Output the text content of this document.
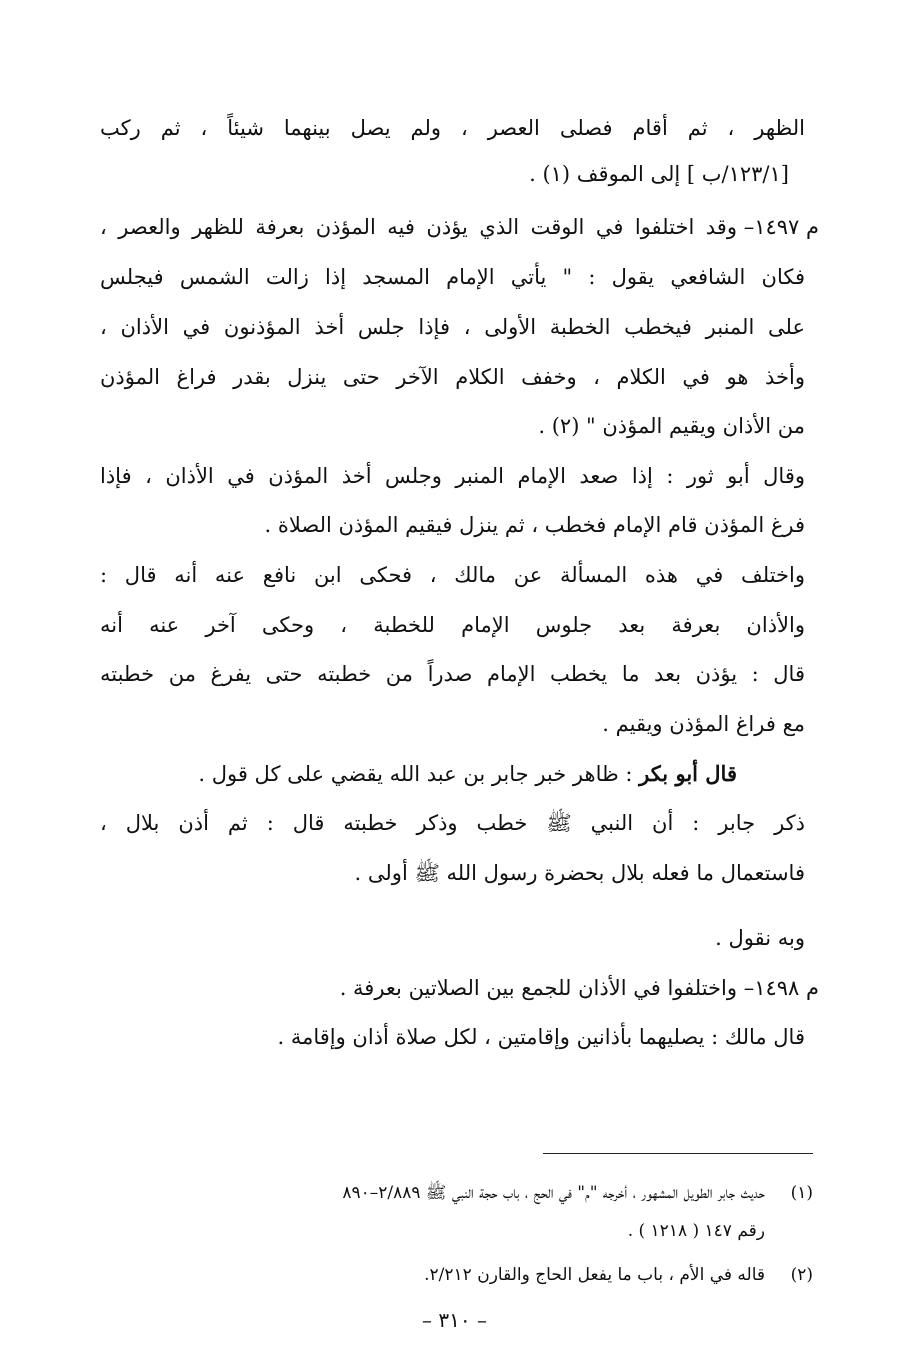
الظهر ، ثم أقام فصلى العصر ، ولم يصل بينهما شيئاً ، ثم ركب
[١٢٣/١/ب ] إلى الموقف (١) .
م ١٤٩٧–
وقد اختلفوا في الوقت الذي يؤذن فيه المؤذن بعرفة للظهر والعصر ،
فكان الشافعي يقول : " يأتي الإمام المسجد إذا زالت الشمس فيجلس
على المنبر فيخطب الخطبة الأولى ، فإذا جلس أخذ المؤذنون في الأذان ،
وأخذ هو في الكلام ، وخفف الكلام الآخر حتى ينزل بقدر فراغ المؤذن
من الأذان ويقيم المؤذن " (٢) .
وقال أبو ثور : إذا صعد الإمام المنبر وجلس أخذ المؤذن في الأذان ، فإذا
فرغ المؤذن قام الإمام فخطب ، ثم ينزل فيقيم المؤذن الصلاة .
واختلف في هذه المسألة عن مالك ، فحكى ابن نافع عنه أنه قال :
والأذان بعرفة بعد جلوس الإمام للخطبة ، وحكى آخر عنه أنه
قال : يؤذن بعد ما يخطب الإمام صدراً من خطبته حتى يفرغ من خطبته
مع فراغ المؤذن ويقيم .
قال أبو بكر : ظاهر خبر جابر بن عبد الله يقضي على كل قول .
ذكر جابر : أن النبي ﷺ خطب وذكر خطبته قال : ثم أذن بلال ،
فاستعمال ما فعله بلال بحضرة رسول الله ﷺ أولى .
وبه نقول .
م ١٤٩٨–
واختلفوا في الأذان للجمع بين الصلاتين بعرفة .
قال مالك : يصليهما بأذانين وإقامتين ، لكل صلاة أذان وإقامة .
(١)
حديث جابر الطويل المشهور ، أخرجه "م" في الحج ، باب حجة النبي ﷺ ٢/٨٨٩–٨٩٠
رقم ١٤٧ ( ١٢١٨ ) .
(٢)
قاله في الأم ، باب ما يفعل الحاج والقارن ٢/٢١٢.
– ٣١٠ –
